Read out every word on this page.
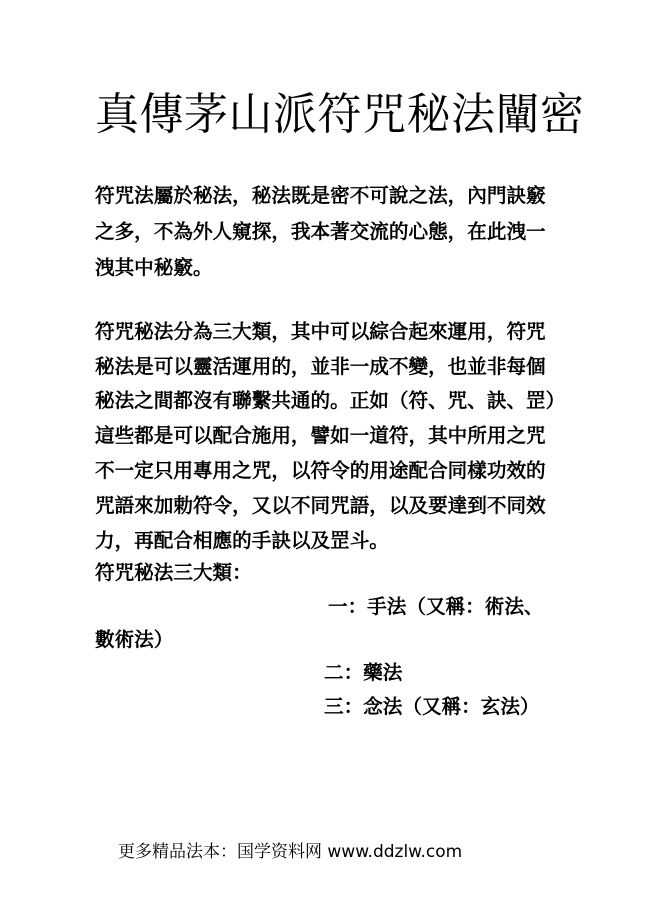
真傳茅山派符咒秘法闡密
符咒法屬於秘法，秘法既是密不可說之法，內門訣竅
之多，不為外人窺探，我本著交流的心態，在此洩一
洩其中秘竅。
符咒秘法分為三大類，其中可以綜合起來運用，符咒
秘法是可以靈活運用的，並非一成不變，也並非每個
秘法之間都沒有聯繫共通的。正如（符、咒、訣、罡）
這些都是可以配合施用，譬如一道符，其中所用之咒
不一定只用專用之咒，以符令的用途配合同樣功效的
咒語來加勅符令，又以不同咒語，以及要達到不同效
力，再配合相應的手訣以及罡斗。
符咒秘法三大類：
一：手法（又稱：術法、
數術法）
二：藥法
三：念法（又稱：玄法）
更多精品法本：国学资料网 www.ddzlw.com
